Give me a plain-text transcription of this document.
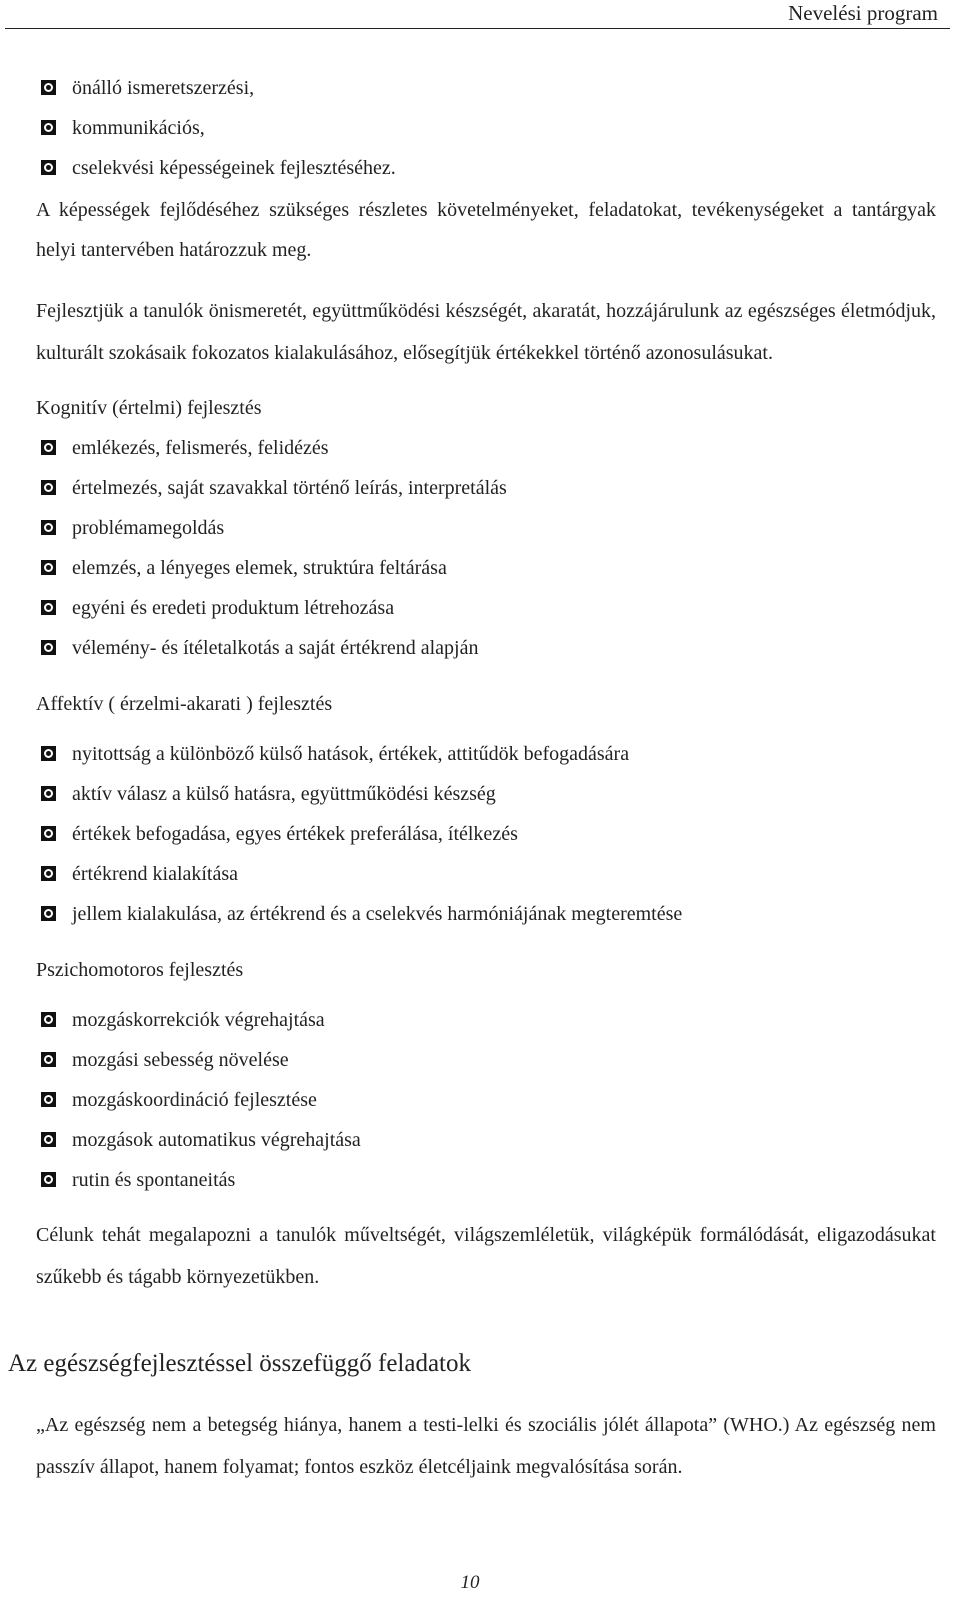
Nevelési program
önálló ismeretszerzési,
kommunikációs,
cselekvési képességeinek fejlesztéséhez.

A képességek fejlődéséhez szükséges részletes követelményeket, feladatokat, tevékenységeket a tantárgyak helyi tantervében határozzuk meg.

Fejlesztjük a tanulók önismeretét, együttműködési készségét, akaratát, hozzájárulunk az egészséges életmódjuk, kulturált szokásaik fokozatos kialakulásához, elősegítjük értékekkel történő azonosulásukat.

Kognitív (értelmi) fejlesztés

emlékezés, felismerés, felidézés
értelmezés, saját szavakkal történő leírás, interpretálás
problémamegoldás
elemzés, a lényeges elemek, struktúra feltárása
egyéni és eredeti produktum létrehozása
vélemény- és ítéletalkotás a saját értékrend alapján

Affektív ( érzelmi-akarati ) fejlesztés

nyitottság a különböző külső hatások, értékek, attitűdök befogadására
aktív válasz a külső hatásra, együttműködési készség
értékek befogadása, egyes értékek preferálása, ítélkezés
értékrend kialakítása
jellem kialakulása, az értékrend és a cselekvés harmóniájának megteremtése

Pszichomotoros fejlesztés

mozgáskorrekciók végrehajtása
mozgási sebesség növelése
mozgáskoordináció fejlesztése
mozgások automatikus végrehajtása
rutin és spontaneitás

Célunk tehát megalapozni a tanulók műveltségét, világszemléletük, világképük formálódását, eligazodásukat szűkebb és tágabb környezetükben.

Az egészségfejlesztéssel összefüggő feladatok

„Az egészség nem a betegség hiánya, hanem a testi-lelki és szociális jólét állapota” (WHO.) Az egészség nem passzív állapot, hanem folyamat; fontos eszköz életcéljaink megvalósítása során.

10
